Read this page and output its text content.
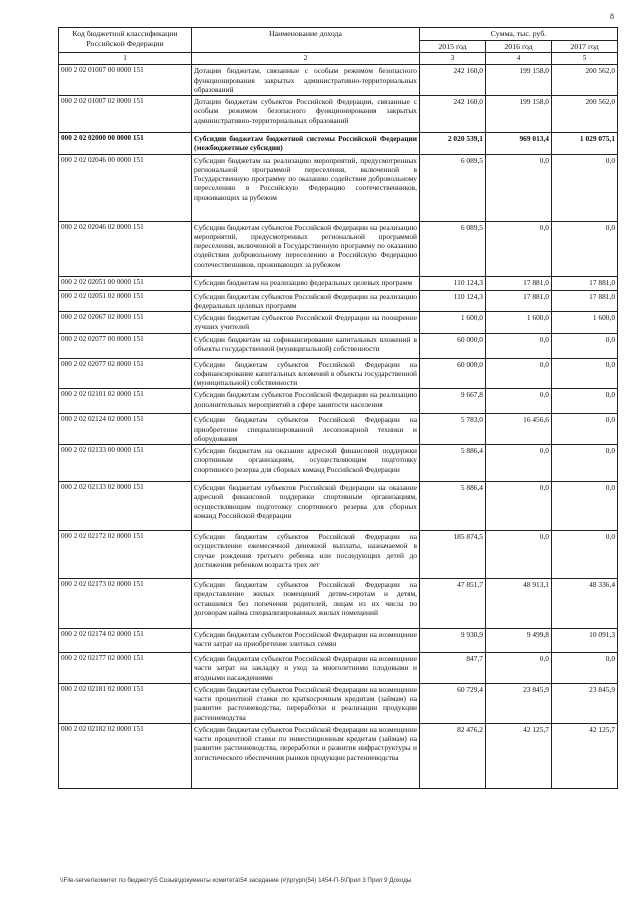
8
Код бюджетной классификации Российской Федерации	Наименование дохода	Сумма, тыс. руб.		
		2015 год	2016 год	2017 год
1	2	3	4	5
000 2 02 01007 00 0000 151	Дотации бюджетам, связанные с особым режимом безопасного функционирования закрытых административно-территориальных образований	242 160,0	199 158,0	200 562,0
000 2 02 01007 02 0000 151	Дотации бюджетам субъектов Российской Федерации, связанные с особым режимом безопасного функционирования закрытых административно-территориальных образований	242 160,0	199 158,0	200 562,0
000 2 02 02000 00 0000 151	Субсидии бюджетам бюджетной системы Российской Федерации (межбюджетные субсидии)	2 020 539,1	969 013,4	1 029 075,1
000 2 02 02046 00 0000 151	Субсидии бюджетам на реализацию мероприятий, предусмотренных региональной программой переселения, включенной в Государственную программу по оказанию содействия добровольному переселению в Российскую Федерацию соотечественников, проживающих за рубежом	6 089,5	0,0	0,0
000 2 02 02046 02 0000 151	Субсидии бюджетам субъектов Российской Федерации на реализацию мероприятий, предусмотренных региональной программой переселения, включенной в Государственную программу по оказанию содействия добровольному переселению в Российскую Федерацию соотечественников, проживающих за рубежом	6 089,5	0,0	0,0
000 2 02 02051 00 0000 151	Субсидии бюджетам на реализацию федеральных целевых программ	110 124,3	17 881,0	17 881,0
000 2 02 02051 02 0000 151	Субсидии бюджетам субъектов Российской Федерации на реализацию федеральных целевых программ	110 124,3	17 881,0	17 881,0
000 2 02 02067 02 0000 151	Субсидии бюджетам субъектов Российской Федерации на поощрение лучших учителей	1 600,0	1 600,0	1 600,0
000 2 02 02077 00 0000 151	Субсидии бюджетам на софинансирование капитальных вложений в объекты государственной (муниципальной) собственности	60 000,0	0,0	0,0
000 2 02 02077 02 0000 151	Субсидии бюджетам субъектов Российской Федерации на софинансирование капитальных вложений в объекты государственной (муниципальной) собственности	60 000,0	0,0	0,0
000 2 02 02101 02 0000 151	Субсидии бюджетам субъектов Российской Федерации на реализацию дополнительных мероприятий в сфере занятости населения	9 667,8	0,0	0,0
000 2 02 02124 02 0000 151	Субсидии бюджетам субъектов Российской Федерации на приобретение специализированной лесопожарной техники и оборудования	5 783,0	16 456,6	0,0
000 2 02 02133 00 0000 151	Субсидии бюджетам на оказание адресной финансовой поддержки спортивным организациям, осуществляющим подготовку спортивного резерва для сборных команд Российской Федерации	5 886,4	0,0	0,0
000 2 02 02133 02 0000 151	Субсидии бюджетам субъектов Российской Федерации на оказание адресной финансовой поддержки спортивным организациям, осуществляющим подготовку спортивного резерва для сборных команд Российской Федерации	5 886,4	0,0	0,0
000 2 02 02172 02 0000 151	Субсидии бюджетам субъектов Российской Федерации на осуществление ежемесячной денежной выплаты, назначаемой в случае рождения третьего ребенка или последующих детей до достижения ребенком возраста трех лет	185 874,5	0,0	0,0
000 2 02 02173 02 0000 151	Субсидии бюджетам субъектов Российской Федерации на предоставление жилых помещений детям-сиротам и детям, оставшимся без попечения родителей, лицам из их числа по договорам найма специализированных жилых помещений	47 851,7	48 913,1	48 336,4
000 2 02 02174 02 0000 151	Субсидии бюджетам субъектов Российской Федерации на возмещение части затрат на приобретение элитных семян	9 930,9	9 499,8	10 091,3
000 2 02 02177 02 0000 151	Субсидии бюджетам субъектов Российской Федерации на возмещение части затрат на закладку и уход за многолетними плодовыми и ягодными насаждениями	847,7	0,0	0,0
000 2 02 02181 02 0000 151	Субсидии бюджетам субъектов Российской Федерации на возмещение части процентной ставки по краткосрочным кредитам (займам) на развитие растениеводства, переработки и реализации продукции растениеводства	60 729,4	23 845,9	23 845,9
000 2 02 02182 02 0000 151	Субсидии бюджетам субъектов Российской Федерации на возмещение части процентной ставки по инвестиционным кредитам (займам) на развитие растениеводства, переработки и развития инфраструктуры и логистического обеспечения рынков продукции растениеводства	82 476,2	42 125,7	42 125,7
\\File-server\комитет по бюджету\5 Созыв\документы комитета\54 заседание (#)\ргурп(54) 1454-П-5\Прил 3 Прил 9 Доходы
